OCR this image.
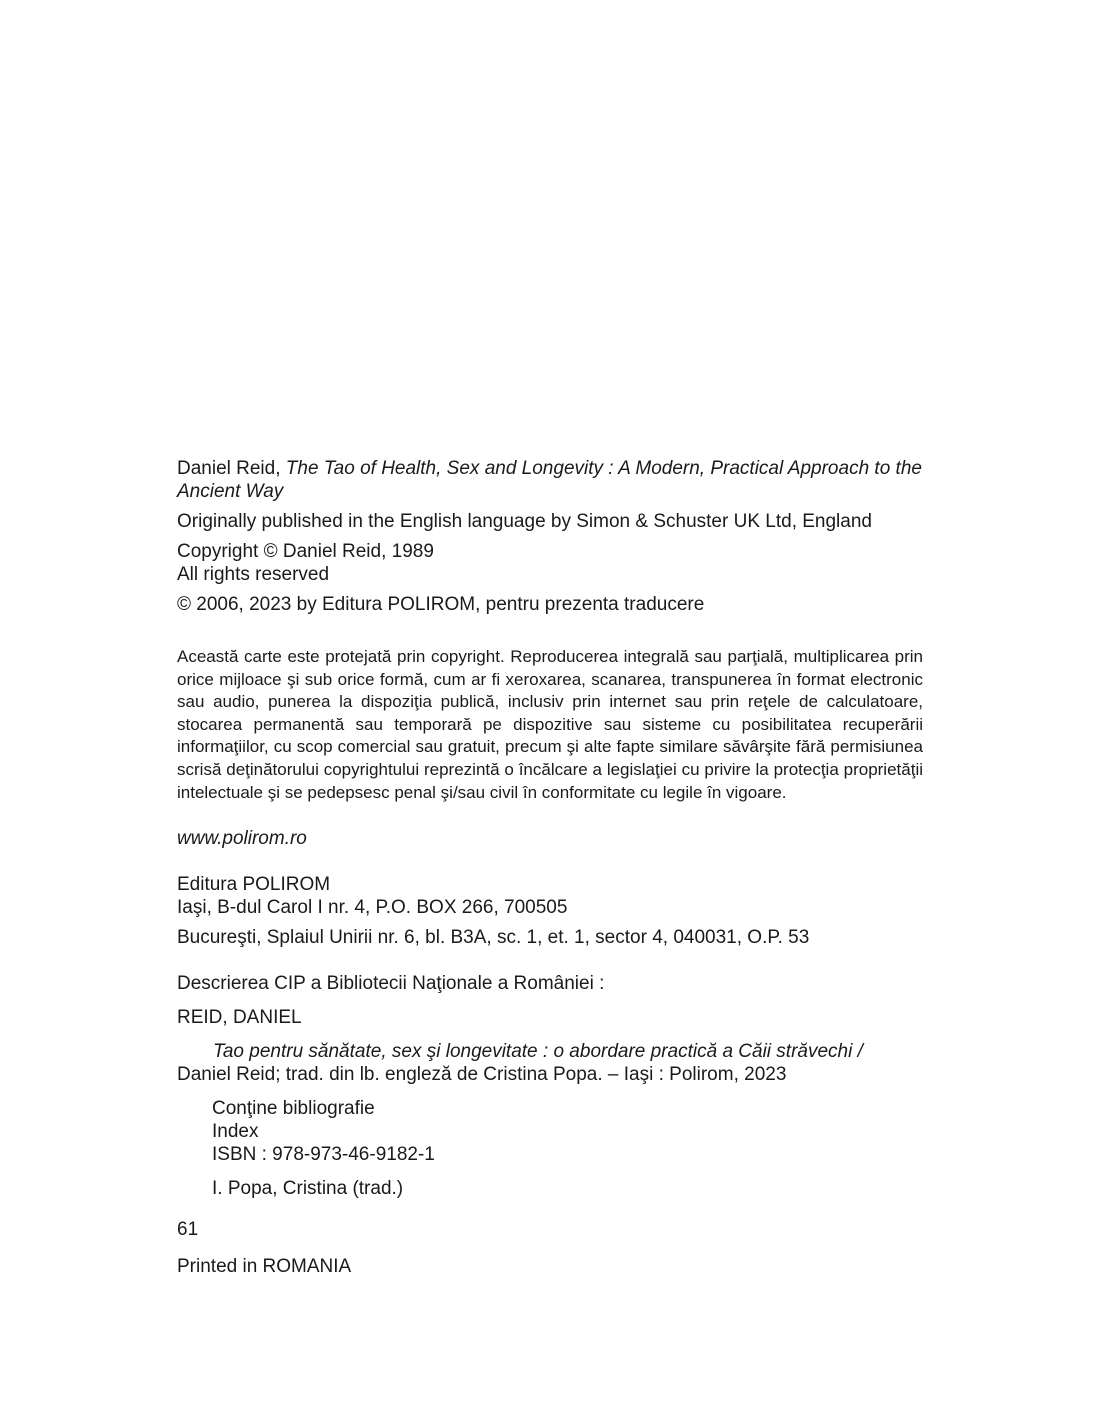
Daniel Reid, The Tao of Health, Sex and Longevity : A Modern, Practical Approach to the Ancient Way

Originally published in the English language by Simon & Schuster UK Ltd, England

Copyright © Daniel Reid, 1989

All rights reserved

© 2006, 2023 by Editura POLIROM, pentru prezenta traducere

Această carte este protejată prin copyright. Reproducerea integrală sau parţială, multiplicarea prin orice mijloace şi sub orice formă, cum ar fi xeroxarea, scanarea, transpunerea în format electronic sau audio, punerea la dispoziţia publică, inclusiv prin internet sau prin reţele de calculatoare, stocarea permanentă sau temporară pe dispozitive sau sisteme cu posibilitatea recuperării informaţiilor, cu scop comercial sau gratuit, precum şi alte fapte similare săvârşite fără permisiunea scrisă deţinătorului copyrightului reprezintă o încălcare a legislaţiei cu privire la protecţia proprietăţii intelectuale şi se pedepsesc penal şi/sau civil în conformitate cu legile în vigoare.

www.polirom.ro

Editura POLIROM

Iaşi, B-dul Carol I nr. 4, P.O. BOX 266, 700505

Bucureşti, Splaiul Unirii nr. 6, bl. B3A, sc. 1, et. 1, sector 4, 040031, O.P. 53

Descrierea CIP a Bibliotecii Naţionale a României :

REID, DANIEL

Tao pentru sănătate, sex şi longevitate : o abordare practică a Căii străvechi /
Daniel Reid; trad. din lb. engleză de Cristina Popa. – Iaşi : Polirom, 2023

Conţine bibliografie

Index

ISBN : 978-973-46-9182-1

I. Popa, Cristina (trad.)

61

Printed in ROMANIA
